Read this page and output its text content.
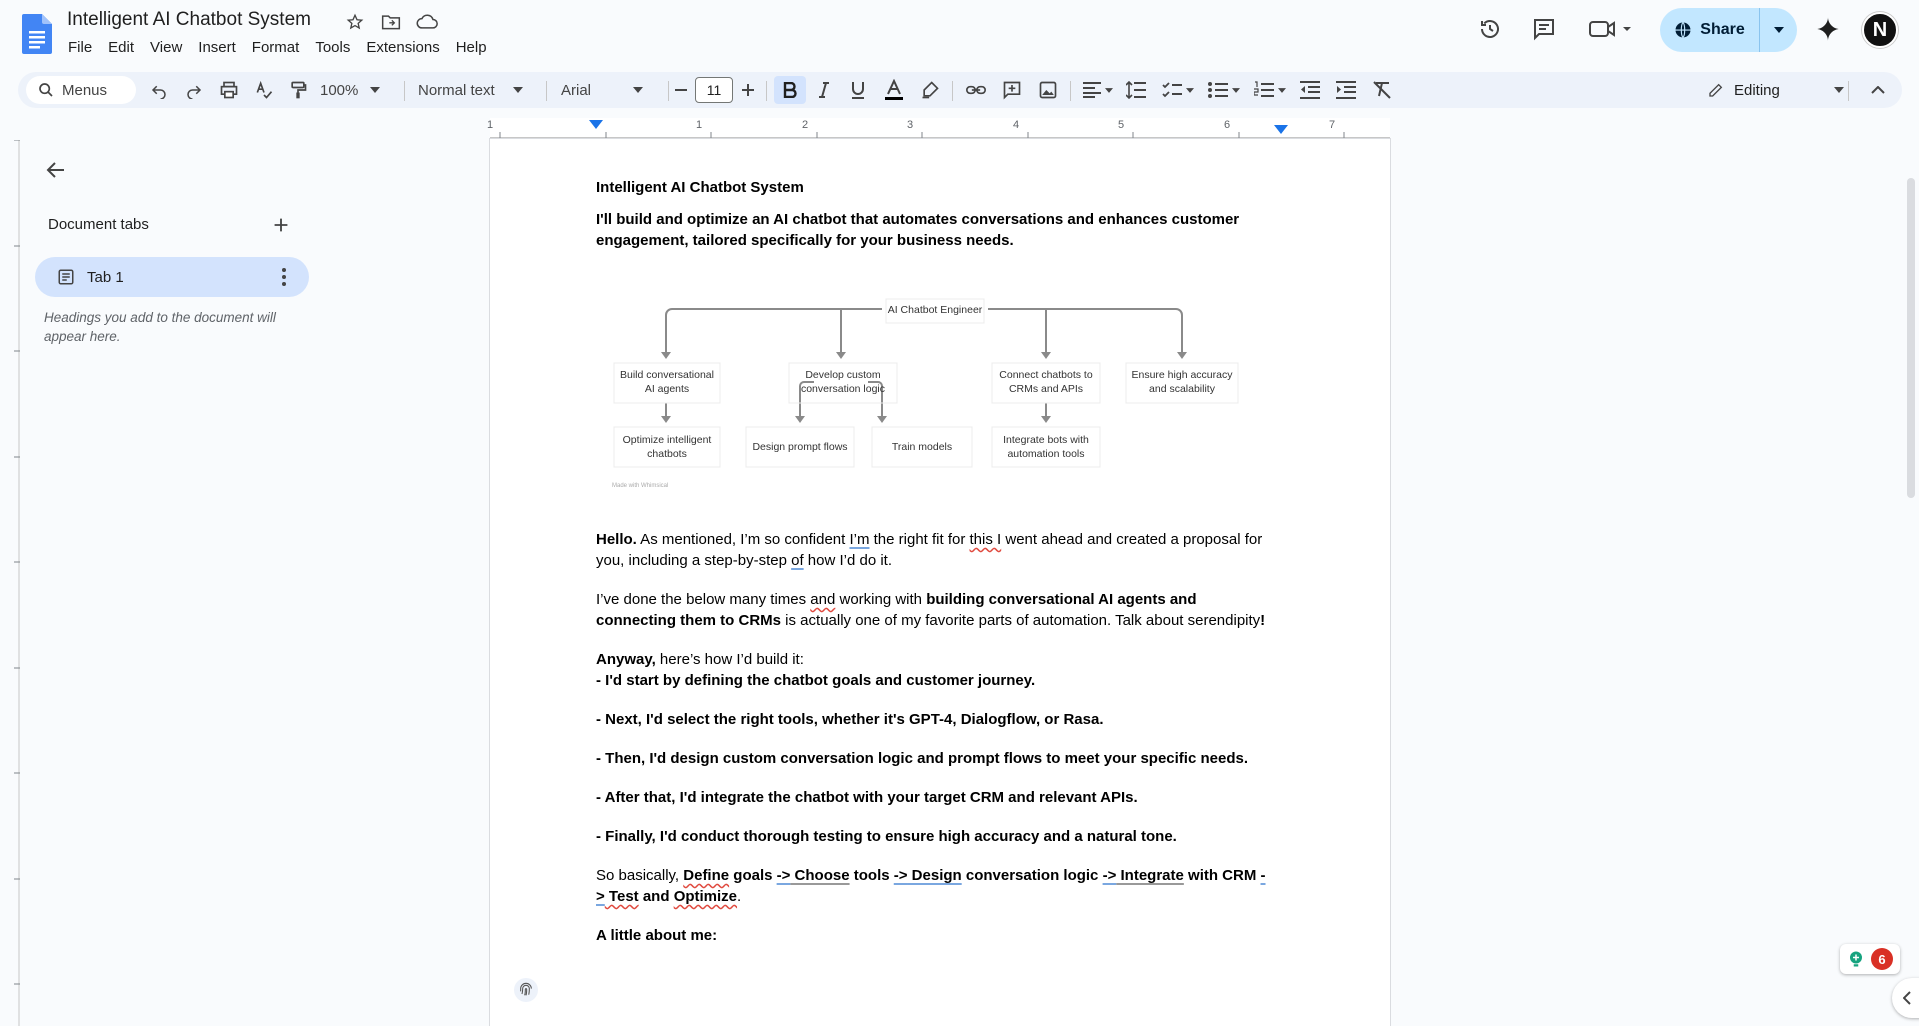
Intelligent AI Chatbot System
File	Edit	View	Insert	Format	Tools	Extensions	Help
Share	N
Menus	100%	Normal text	Arial	11	Editing
1	1	2	3	4	5	6	7
Document tabs
Tab 1
Headings you add to the document will appear here.

Intelligent AI Chatbot System

I'll build and optimize an AI chatbot that automates conversations and enhances customer engagement, tailored specifically for your business needs.

AI Chatbot Engineer
Build conversational AI agents
Develop custom conversation logic
Connect chatbots to CRMs and APIs
Ensure high accuracy and scalability
Optimize intelligent chatbots
Design prompt flows	Train models
Integrate bots with automation tools
Made with Whimsical

Hello. As mentioned, I’m so confident I’m the right fit for this I went ahead and created a proposal for you, including a step-by-step of how I’d do it.

I’ve done the below many times and working with building conversational AI agents and connecting them to CRMs is actually one of my favorite parts of automation. Talk about serendipity!

Anyway, here’s how I’d build it:

- I'd start by defining the chatbot goals and customer journey.

- Next, I'd select the right tools, whether it's GPT-4, Dialogflow, or Rasa.

- Then, I'd design custom conversation logic and prompt flows to meet your specific needs.

- After that, I'd integrate the chatbot with your target CRM and relevant APIs.

- Finally, I'd conduct thorough testing to ensure high accuracy and a natural tone.

So basically, Define goals -> Choose tools -> Design conversation logic -> Integrate with CRM -> Test and Optimize.

A little about me:

6
